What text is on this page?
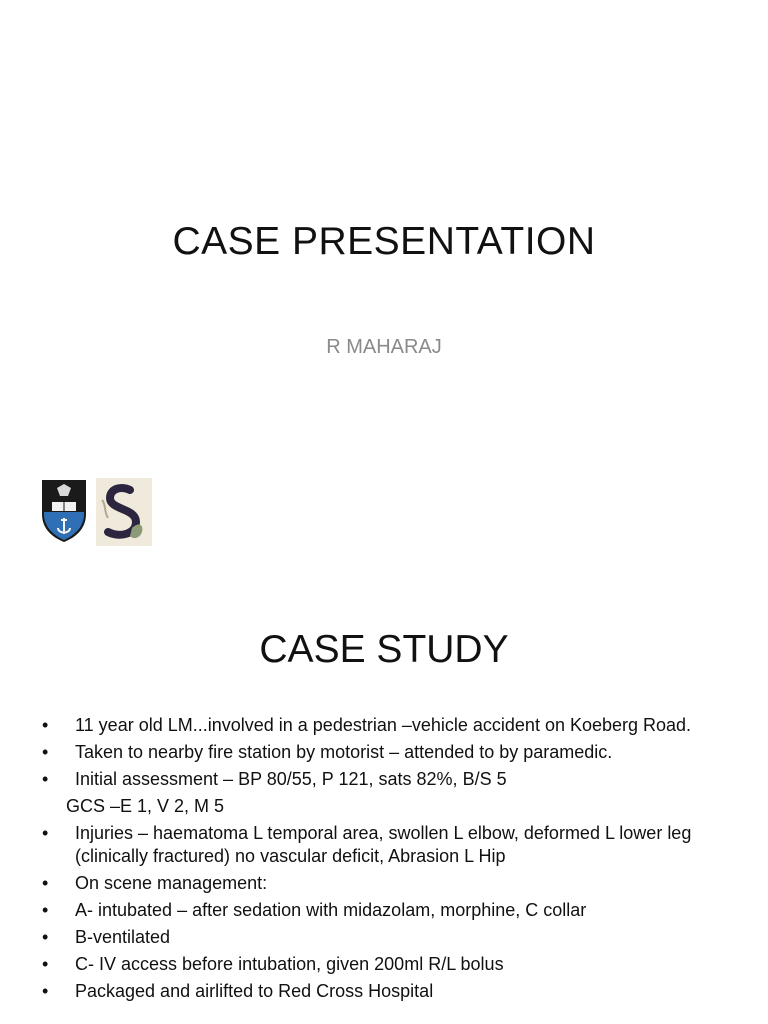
CASE PRESENTATION
R MAHARAJ
CASE STUDY
• 11 year old LM...involved in a pedestrian –vehicle accident on Koeberg Road.
• Taken to nearby fire station by motorist – attended to by paramedic.
• Initial assessment – BP 80/55, P 121, sats 82%, B/S 5
GCS –E 1, V 2, M 5
• Injuries – haematoma L temporal area, swollen L elbow, deformed L lower leg (clinically fractured) no vascular deficit, Abrasion L Hip
• On scene management:
• A- intubated – after sedation with midazolam, morphine, C collar
• B-ventilated
• C- IV access before intubation, given 200ml R/L bolus
• Packaged and airlifted to Red Cross Hospital
